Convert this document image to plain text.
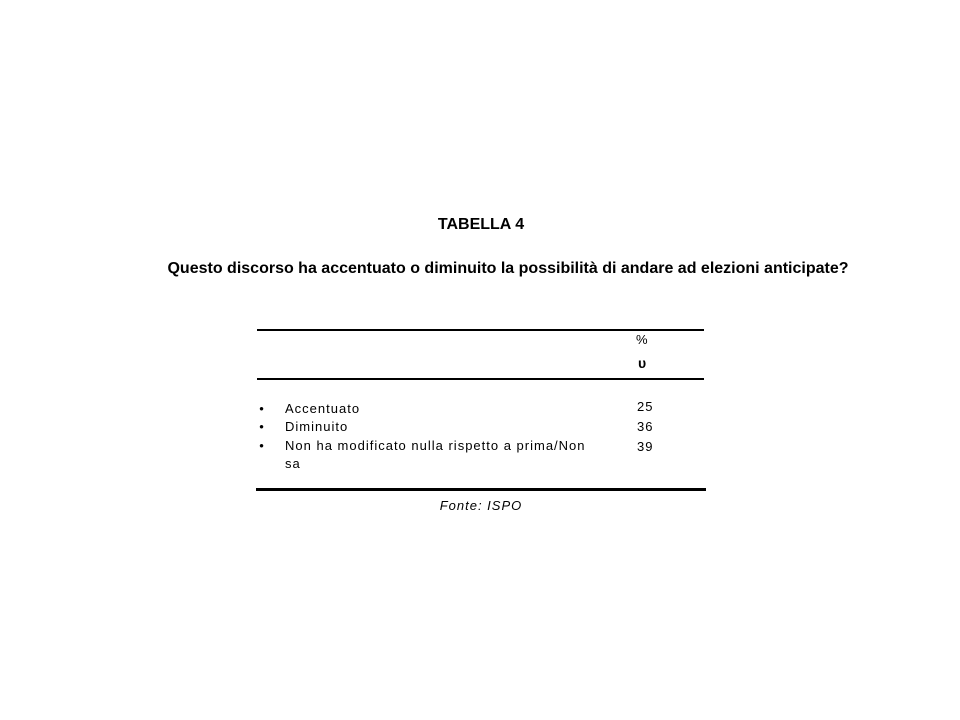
TABELLA 4
Questo discorso ha accentuato o diminuito la possibilità di andare ad elezioni anticipate?
%
υ
• Accentuato
• Diminuito
• Non ha modificato nulla rispetto a prima/Non sa
25
36
39
Fonte: ISPO
